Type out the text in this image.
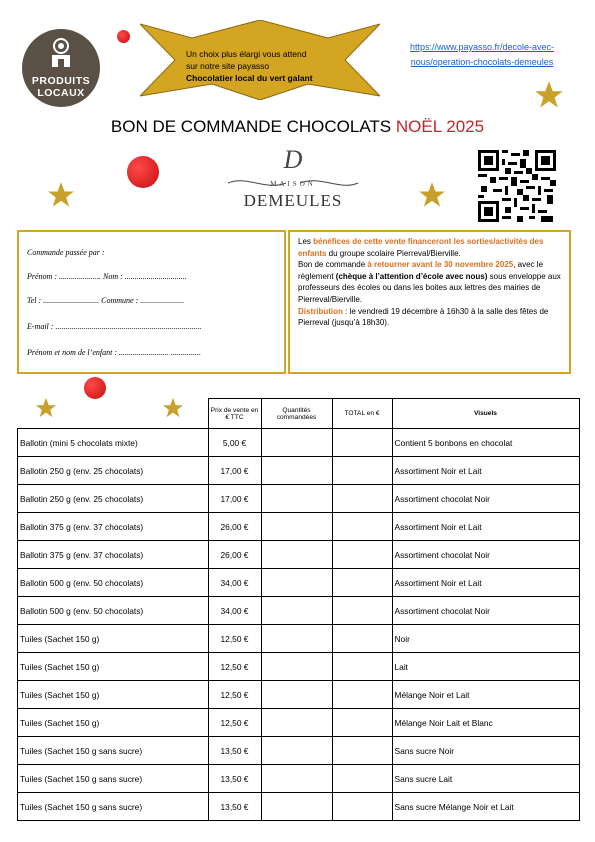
PRODUITS
LOCAUX
Un choix plus élargi vous attend
sur notre site payasso
Chocolatier local du vert galant
https://www.payasso.fr/decole-avec-
nous/operation-chocolats-demeules
BON DE COMMANDE CHOCOLATS NOËL 2025
D
MAISON
DEMEULES
Commande passée par :
Prénom : ..................... Nom : ...............................
Tel : ............................ Commune : ......................
E-mail : .........................................................................
Prénom et nom de l’enfant : ......................... ...............
Les bénéfices de cette vente financeront les sorties/activités des enfants du groupe scolaire Pierreval/Bierville.
Bon de commande à retourner avant le 30 novembre 2025, avec le règlement (chèque à l’attention d’école avec nous) sous enveloppe aux professeurs des écoles ou dans les boites aux lettres des mairies de Pierreval/Bierville.
Distribution : le vendredi 19 décembre à 16h30 à la salle des fêtes de Pierreval (jusqu’à 18h30).
	Prix de vente en € TTC	Quantités commandées	TOTAL en €	Visuels
Ballotin (mini 5 chocolats mixte)	5,00 €			Contient 5 bonbons en chocolat
Ballotin 250 g (env. 25 chocolats)	17,00 €			Assortiment Noir et Lait
Ballotin 250 g (env. 25 chocolats)	17,00 €			Assortiment chocolat Noir
Ballotin 375 g (env. 37 chocolats)	26,00 €			Assortiment Noir et Lait
Ballotin 375 g (env. 37 chocolats)	26,00 €			Assortiment chocolat Noir
Ballotin 500 g (env. 50 chocolats)	34,00 €			Assortiment Noir et Lait
Ballotin 500 g (env. 50 chocolats)	34,00 €			Assortiment chocolat Noir
Tuiles (Sachet 150 g)	12,50 €			Noir
Tuiles (Sachet 150 g)	12,50 €			Lait
Tuiles (Sachet 150 g)	12,50 €			Mélange Noir et Lait
Tuiles (Sachet 150 g)	12,50 €			Mélange Noir Lait et Blanc
Tuiles (Sachet 150 g sans sucre)	13,50 €			Sans sucre Noir
Tuiles (Sachet 150 g sans sucre)	13,50 €			Sans sucre Lait
Tuiles (Sachet 150 g sans sucre)	13,50 €			Sans sucre Mélange Noir et Lait
